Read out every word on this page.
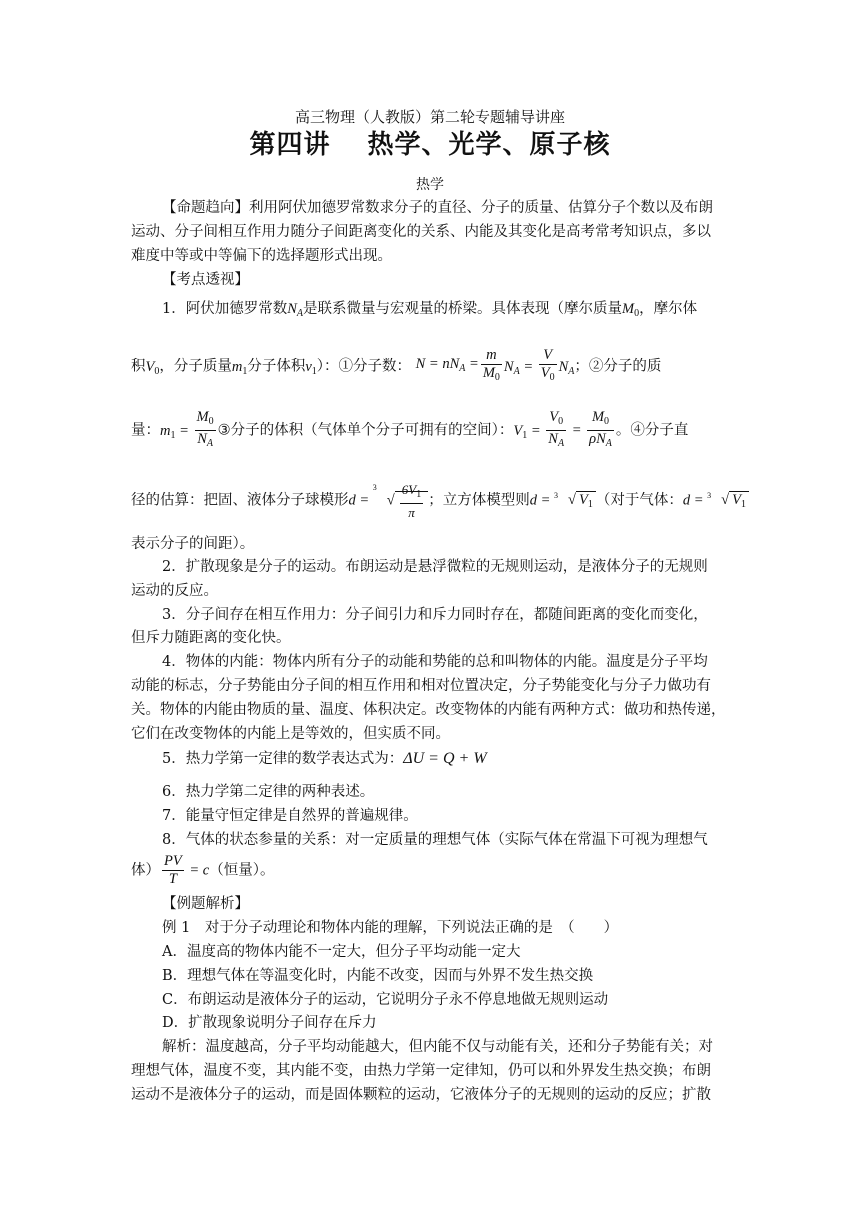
高三物理（人教版）第二轮专题辅导讲座
第四讲　 热学、光学、原子核
热学
【命题趋向】利用阿伏加德罗常数求分子的直径、分子的质量、估算分子个数以及布朗
运动、分子间相互作用力随分子间距离变化的关系、内能及其变化是高考常考知识点，多以
难度中等或中等偏下的选择题形式出现。
【考点透视】
1．阿伏加德罗常数$N_A$是联系微量与宏观量的桥梁。具体表现（摩尔质量$M_0$，摩尔体
积$V_0$，分子质量$m_1$分子体积$v_1$）：①分子数： $N = nN_A = \frac{m}{M_0} N_A = \frac{V}{V_0} N_A$；②分子的质
量：$m_1 = \frac{M_0}{N_A}$ ③分子的体积（气体单个分子可拥有的空间）：$V_1 = \frac{V_0}{N_A} = \frac{M_0}{\rho N_A}$ 。④分子直
径的估算：把固、液体分子球模形d =
3
√ $\frac{6V_1}{\pi}$ ；立方体模型则d = 3 √ $V_1$ （对于气体：d = 3 √ $V_1$
表示分子的间距）。
2．扩散现象是分子的运动。布朗运动是悬浮微粒的无规则运动，是液体分子的无规则
运动的反应。
3．分子间存在相互作用力：分子间引力和斥力同时存在，都随间距离的变化而变化，
但斥力随距离的变化快。
4．物体的内能：物体内所有分子的动能和势能的总和叫物体的内能。温度是分子平均
动能的标志，分子势能由分子间的相互作用和相对位置决定，分子势能变化与分子力做功有
关。物体的内能由物质的量、温度、体积决定。改变物体的内能有两种方式：做功和热传递，
它们在改变物体的内能上是等效的，但实质不同。
5．热力学第一定律的数学表达式为：ΔU = Q + W
6．热力学第二定律的两种表述。
7．能量守恒定律是自然界的普遍规律。
8．气体的状态参量的关系：对一定质量的理想气体（实际气体在常温下可视为理想气
体） $\frac{PV}{T} = c$（恒量）。
【例题解析】
例 1　对于分子动理论和物体内能的理解，下列说法正确的是　（　　）
A．温度高的物体内能不一定大，但分子平均动能一定大
B．理想气体在等温变化时，内能不改变，因而与外界不发生热交换
C．布朗运动是液体分子的运动，它说明分子永不停息地做无规则运动
D．扩散现象说明分子间存在斥力
解析：温度越高，分子平均动能越大，但内能不仅与动能有关，还和分子势能有关；对
理想气体，温度不变，其内能不变，由热力学第一定律知，仍可以和外界发生热交换；布朗
运动不是液体分子的运动，而是固体颗粒的运动，它液体分子的无规则的运动的反应；扩散
